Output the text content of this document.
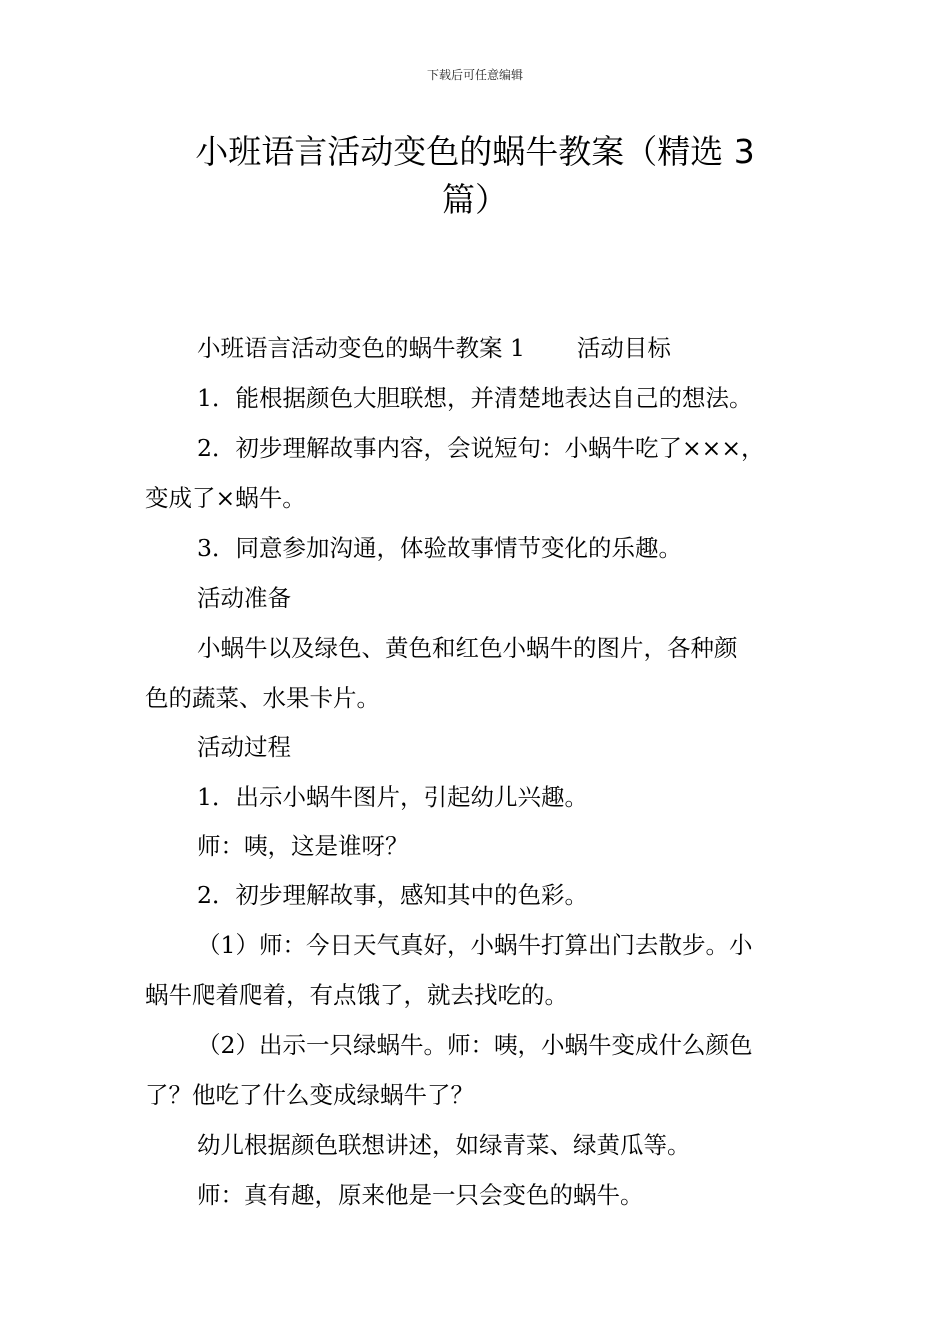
下载后可任意编辑
小班语言活动变色的蜗牛教案（精选 3
篇）
小班语言活动变色的蜗牛教案 1 活动目标
1．能根据颜色大胆联想，并清楚地表达自己的想法。
2．初步理解故事内容，会说短句：小蜗牛吃了×××，
变成了×蜗牛。
3．同意参加沟通，体验故事情节变化的乐趣。
活动准备
小蜗牛以及绿色、黄色和红色小蜗牛的图片，各种颜
色的蔬菜、水果卡片。
活动过程
1．出示小蜗牛图片，引起幼儿兴趣。
师：咦，这是谁呀？
2．初步理解故事，感知其中的色彩。
（1）师：今日天气真好，小蜗牛打算出门去散步。小
蜗牛爬着爬着，有点饿了，就去找吃的。
（2）出示一只绿蜗牛。师：咦，小蜗牛变成什么颜色
了？他吃了什么变成绿蜗牛了？
幼儿根据颜色联想讲述，如绿青菜、绿黄瓜等。
师：真有趣，原来他是一只会变色的蜗牛。
